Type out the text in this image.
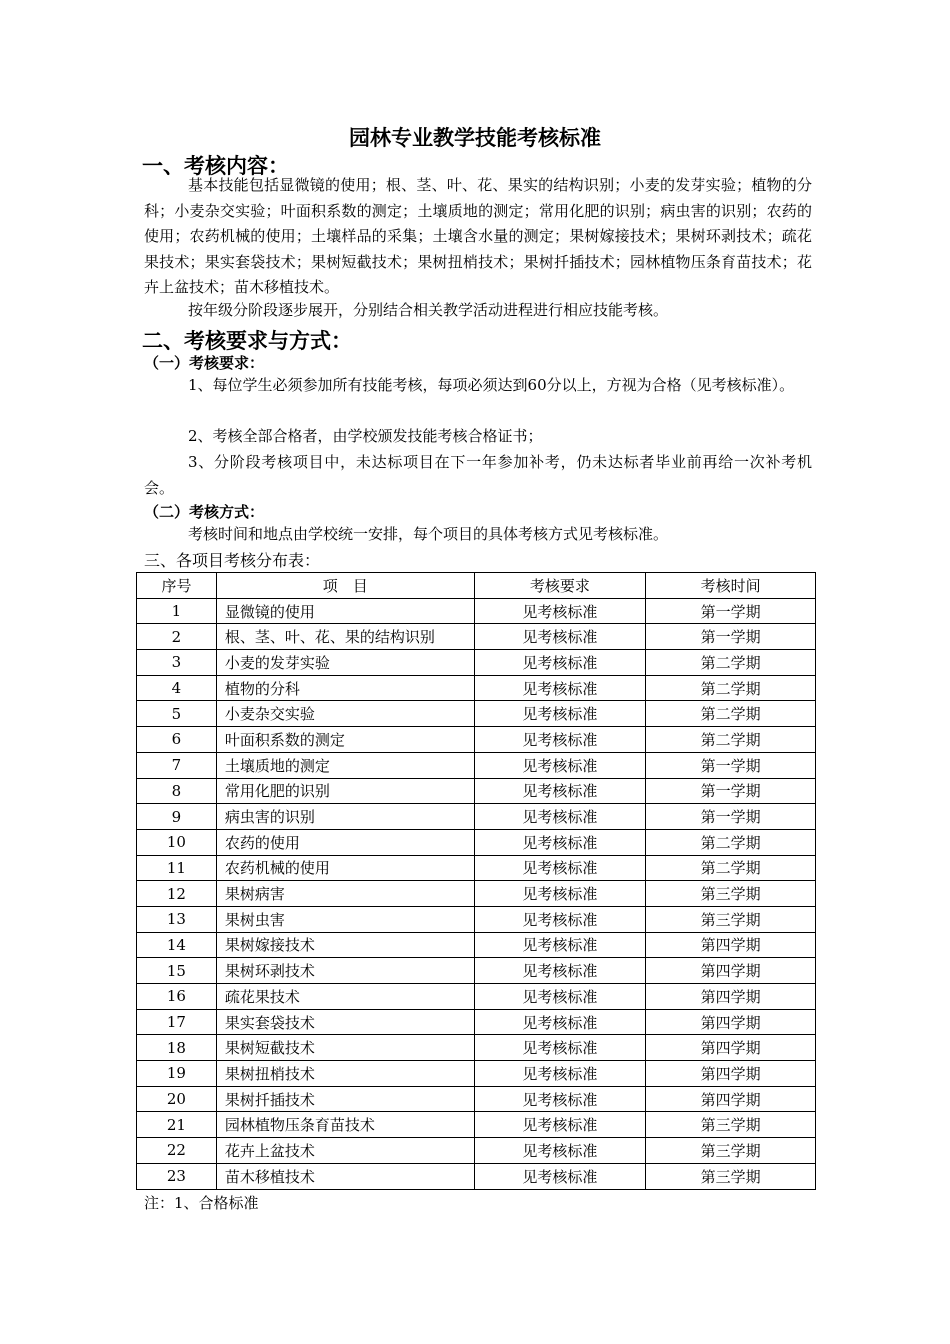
园林专业教学技能考核标准
一、考核内容：
基本技能包括显微镜的使用；根、茎、叶、花、果实的结构识别；小麦的发芽实验；植物的分科；小麦杂交实验；叶面积系数的测定；土壤质地的测定；常用化肥的识别；病虫害的识别；农药的使用；农药机械的使用；土壤样品的采集；土壤含水量的测定；果树嫁接技术；果树环剥技术；疏花果技术；果实套袋技术；果树短截技术；果树扭梢技术；果树扦插技术；园林植物压条育苗技术；花卉上盆技术；苗木移植技术。
按年级分阶段逐步展开，分别结合相关教学活动进程进行相应技能考核。
二、考核要求与方式：
（一）考核要求：
1、每位学生必须参加所有技能考核，每项必须达到60分以上，方视为合格（见考核标准）。
2、考核全部合格者，由学校颁发技能考核合格证书；
3、分阶段考核项目中，未达标项目在下一年参加补考，仍未达标者毕业前再给一次补考机会。
（二）考核方式：
考核时间和地点由学校统一安排，每个项目的具体考核方式见考核标准。
三、各项目考核分布表：
序号	项　目	考核要求	考核时间
1	显微镜的使用	见考核标准	第一学期
2	根、茎、叶、花、果的结构识别	见考核标准	第一学期
3	小麦的发芽实验	见考核标准	第二学期
4	植物的分科	见考核标准	第二学期
5	小麦杂交实验	见考核标准	第二学期
6	叶面积系数的测定	见考核标准	第二学期
7	土壤质地的测定	见考核标准	第一学期
8	常用化肥的识别	见考核标准	第一学期
9	病虫害的识别	见考核标准	第一学期
10	农药的使用	见考核标准	第二学期
11	农药机械的使用	见考核标准	第二学期
12	果树病害	见考核标准	第三学期
13	果树虫害	见考核标准	第三学期
14	果树嫁接技术	见考核标准	第四学期
15	果树环剥技术	见考核标准	第四学期
16	疏花果技术	见考核标准	第四学期
17	果实套袋技术	见考核标准	第四学期
18	果树短截技术	见考核标准	第四学期
19	果树扭梢技术	见考核标准	第四学期
20	果树扦插技术	见考核标准	第四学期
21	园林植物压条育苗技术	见考核标准	第三学期
22	花卉上盆技术	见考核标准	第三学期
23	苗木移植技术	见考核标准	第三学期
注：1、合格标准
